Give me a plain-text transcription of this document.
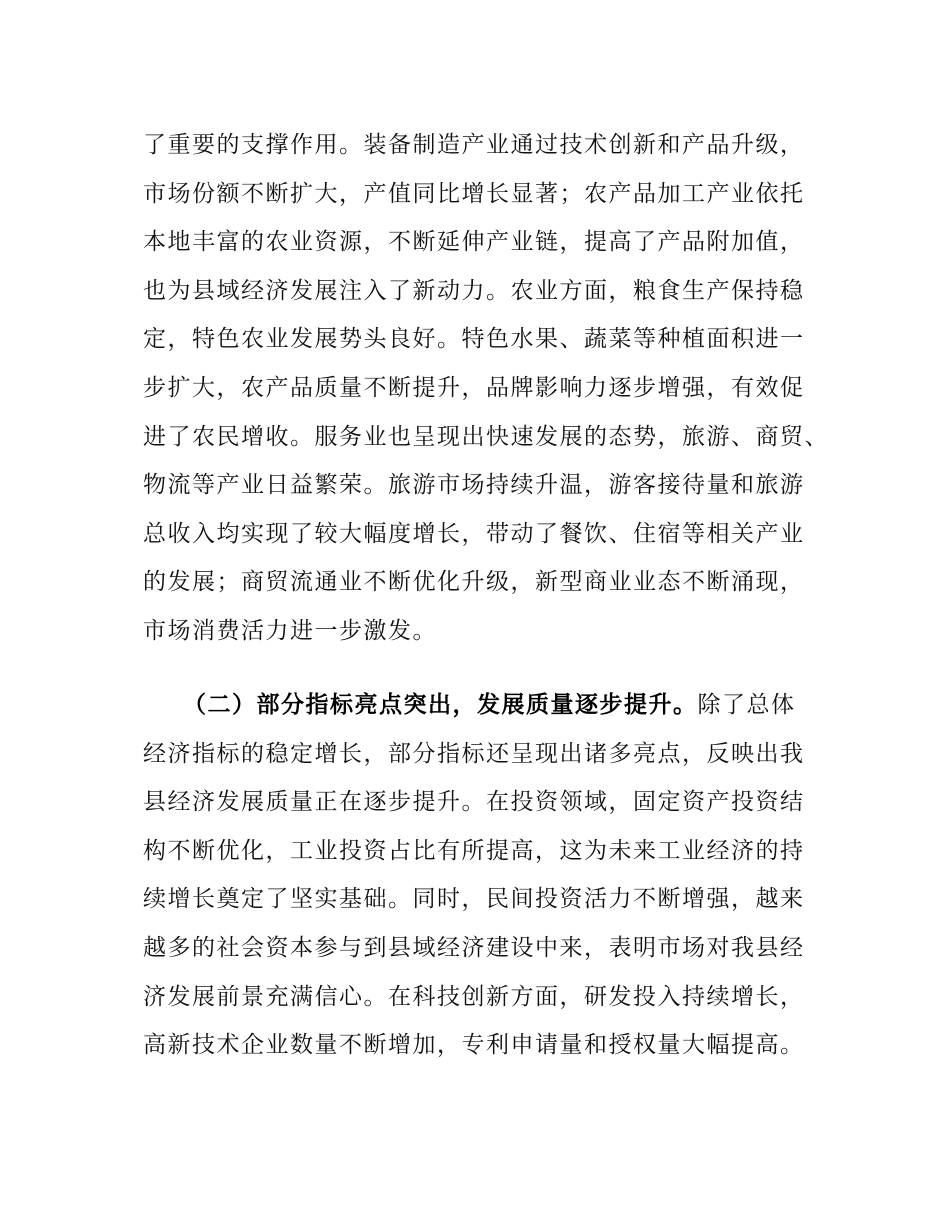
了重要的支撑作用。装备制造产业通过技术创新和产品升级，
市场份额不断扩大，产值同比增长显著；农产品加工产业依托
本地丰富的农业资源，不断延伸产业链，提高了产品附加值，
也为县域经济发展注入了新动力。农业方面，粮食生产保持稳
定，特色农业发展势头良好。特色水果、蔬菜等种植面积进一
步扩大，农产品质量不断提升，品牌影响力逐步增强，有效促
进了农民增收。服务业也呈现出快速发展的态势，旅游、商贸、
物流等产业日益繁荣。旅游市场持续升温，游客接待量和旅游
总收入均实现了较大幅度增长，带动了餐饮、住宿等相关产业
的发展；商贸流通业不断优化升级，新型商业业态不断涌现，
市场消费活力进一步激发。
（二）部分指标亮点突出，发展质量逐步提升。除了总体
经济指标的稳定增长，部分指标还呈现出诸多亮点，反映出我
县经济发展质量正在逐步提升。在投资领域，固定资产投资结
构不断优化，工业投资占比有所提高，这为未来工业经济的持
续增长奠定了坚实基础。同时，民间投资活力不断增强，越来
越多的社会资本参与到县域经济建设中来，表明市场对我县经
济发展前景充满信心。在科技创新方面，研发投入持续增长，
高新技术企业数量不断增加，专利申请量和授权量大幅提高。
